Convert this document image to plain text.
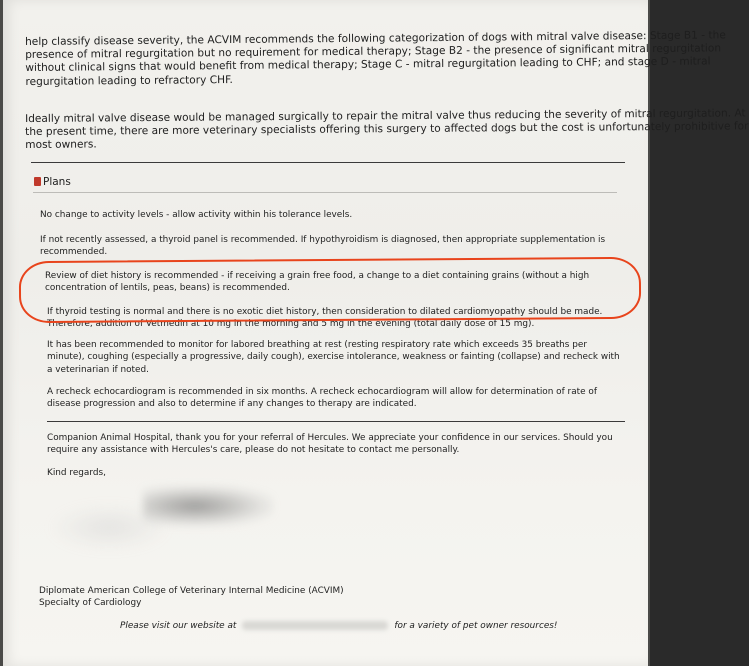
help classify disease severity, the ACVIM recommends the following categorization of dogs with mitral valve disease: Stage B1 - the

presence of mitral regurgitation but no requirement for medical therapy; Stage B2 - the presence of significant mitral regurgitation

without clinical signs that would benefit from medical therapy; Stage C - mitral regurgitation leading to CHF; and stage D - mitral

regurgitation leading to refractory CHF.

Ideally mitral valve disease would be managed surgically to repair the mitral valve thus reducing the severity of mitral regurgitation. At

the present time, there are more veterinary specialists offering this surgery to affected dogs but the cost is unfortunately prohibitive for

most owners.

Plans

No change to activity levels - allow activity within his tolerance levels.

If not recently assessed, a thyroid panel is recommended. If hypothyroidism is diagnosed, then appropriate supplementation is recommended.

Review of diet history is recommended - if receiving a grain free food, a change to a diet containing grains (without a high concentration of lentils, peas, beans) is recommended.

If thyroid testing is normal and there is no exotic diet history, then consideration to dilated cardiomyopathy should be made. Therefore, addition of Vetmedin at 10 mg in the morning and 5 mg in the evening (total daily dose of 15 mg).

It has been recommended to monitor for labored breathing at rest (resting respiratory rate which exceeds 35 breaths per minute), coughing (especially a progressive, daily cough), exercise intolerance, weakness or fainting (collapse) and recheck with a veterinarian if noted.

A recheck echocardiogram is recommended in six months. A recheck echocardiogram will allow for determination of rate of disease progression and also to determine if any changes to therapy are indicated.

Companion Animal Hospital, thank you for your referral of Hercules. We appreciate your confidence in our services. Should you require any assistance with Hercules's care, please do not hesitate to contact me personally.

Kind regards,

Diplomate American College of Veterinary Internal Medicine (ACVIM)

Specialty of Cardiology

Please visit our website at	for a variety of pet owner resources!
